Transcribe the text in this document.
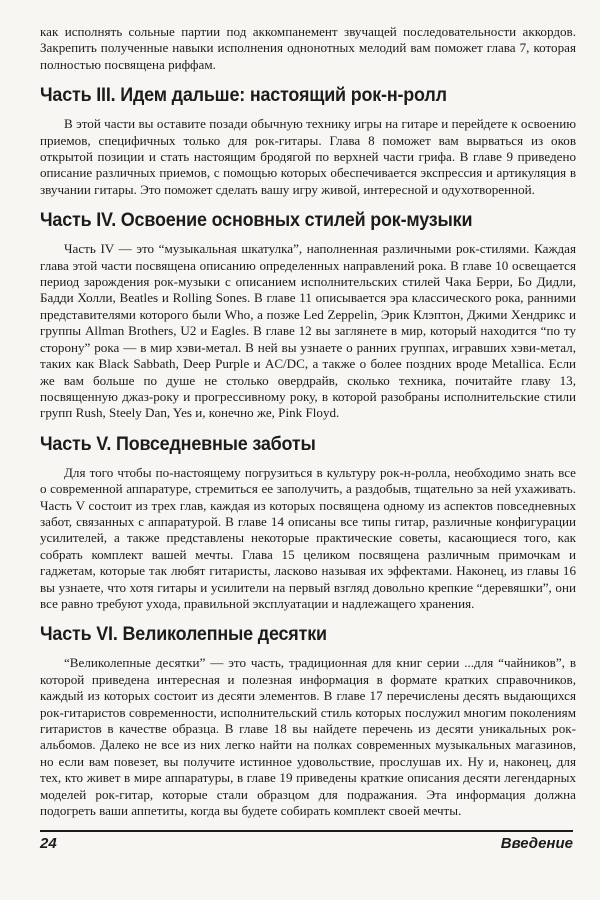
как исполнять сольные партии под аккомпанемент звучащей последовательности аккордов. Закрепить полученные навыки исполнения однонотных мелодий вам поможет глава 7, которая полностью посвящена риффам.

Часть III. Идем дальше: настоящий рок-н-ролл

В этой части вы оставите позади обычную технику игры на гитаре и перейдете к освоению приемов, специфичных только для рок-гитары. Глава 8 поможет вам вырваться из оков открытой позиции и стать настоящим бродягой по верхней части грифа. В главе 9 приведено описание различных приемов, с помощью которых обеспечивается экспрессия и артикуляция в звучании гитары. Это поможет сделать вашу игру живой, интересной и одухотворенной.

Часть IV. Освоение основных стилей рок-музыки

Часть IV — это “музыкальная шкатулка”, наполненная различными рок-стилями. Каждая глава этой части посвящена описанию определенных направлений рока. В главе 10 освещается период зарождения рок-музыки с описанием исполнительских стилей Чака Берри, Бо Дидли, Бадди Холли, Beatles и Rolling Sones. В главе 11 описывается эра классического рока, ранними представителями которого были Who, а позже Led Zeppelin, Эрик Клэптон, Джими Хендрикс и группы Allman Brothers, U2 и Eagles. В главе 12 вы заглянете в мир, который находится “по ту сторону” рока — в мир хэви-метал. В ней вы узнаете о ранних группах, игравших хэви-метал, таких как Black Sabbath, Deep Purple и AC/DC, а также о более поздних вроде Metallica. Если же вам больше по душе не столько овердрайв, сколько техника, почитайте главу 13, посвященную джаз-року и прогрессивному року, в которой разобраны исполнительские стили групп Rush, Steely Dan, Yes и, конечно же, Pink Floyd.

Часть V. Повседневные заботы

Для того чтобы по-настоящему погрузиться в культуру рок-н-ролла, необходимо знать все о современной аппаратуре, стремиться ее заполучить, а раздобыв, тщательно за ней ухаживать. Часть V состоит из трех глав, каждая из которых посвящена одному из аспектов повседневных забот, связанных с аппаратурой. В главе 14 описаны все типы гитар, различные конфигурации усилителей, а также представлены некоторые практические советы, касающиеся того, как собрать комплект вашей мечты. Глава 15 целиком посвящена различным примочкам и гаджетам, которые так любят гитаристы, ласково называя их эффектами. Наконец, из главы 16 вы узнаете, что хотя гитары и усилители на первый взгляд довольно крепкие “деревяшки”, они все равно требуют ухода, правильной эксплуатации и надлежащего хранения.

Часть VI. Великолепные десятки

“Великолепные десятки” — это часть, традиционная для книг серии ...для “чайников”, в которой приведена интересная и полезная информация в формате кратких справочников, каждый из которых состоит из десяти элементов. В главе 17 перечислены десять выдающихся рок-гитаристов современности, исполнительский стиль которых послужил многим поколениям гитаристов в качестве образца. В главе 18 вы найдете перечень из десяти уникальных рок-альбомов. Далеко не все из них легко найти на полках современных музыкальных магазинов, но если вам повезет, вы получите истинное удовольствие, прослушав их. Ну и, наконец, для тех, кто живет в мире аппаратуры, в главе 19 приведены краткие описания десяти легендарных моделей рок-гитар, которые стали образцом для подражания. Эта информация должна подогреть ваши аппетиты, когда вы будете собирать комплект своей мечты.

24	Введение
